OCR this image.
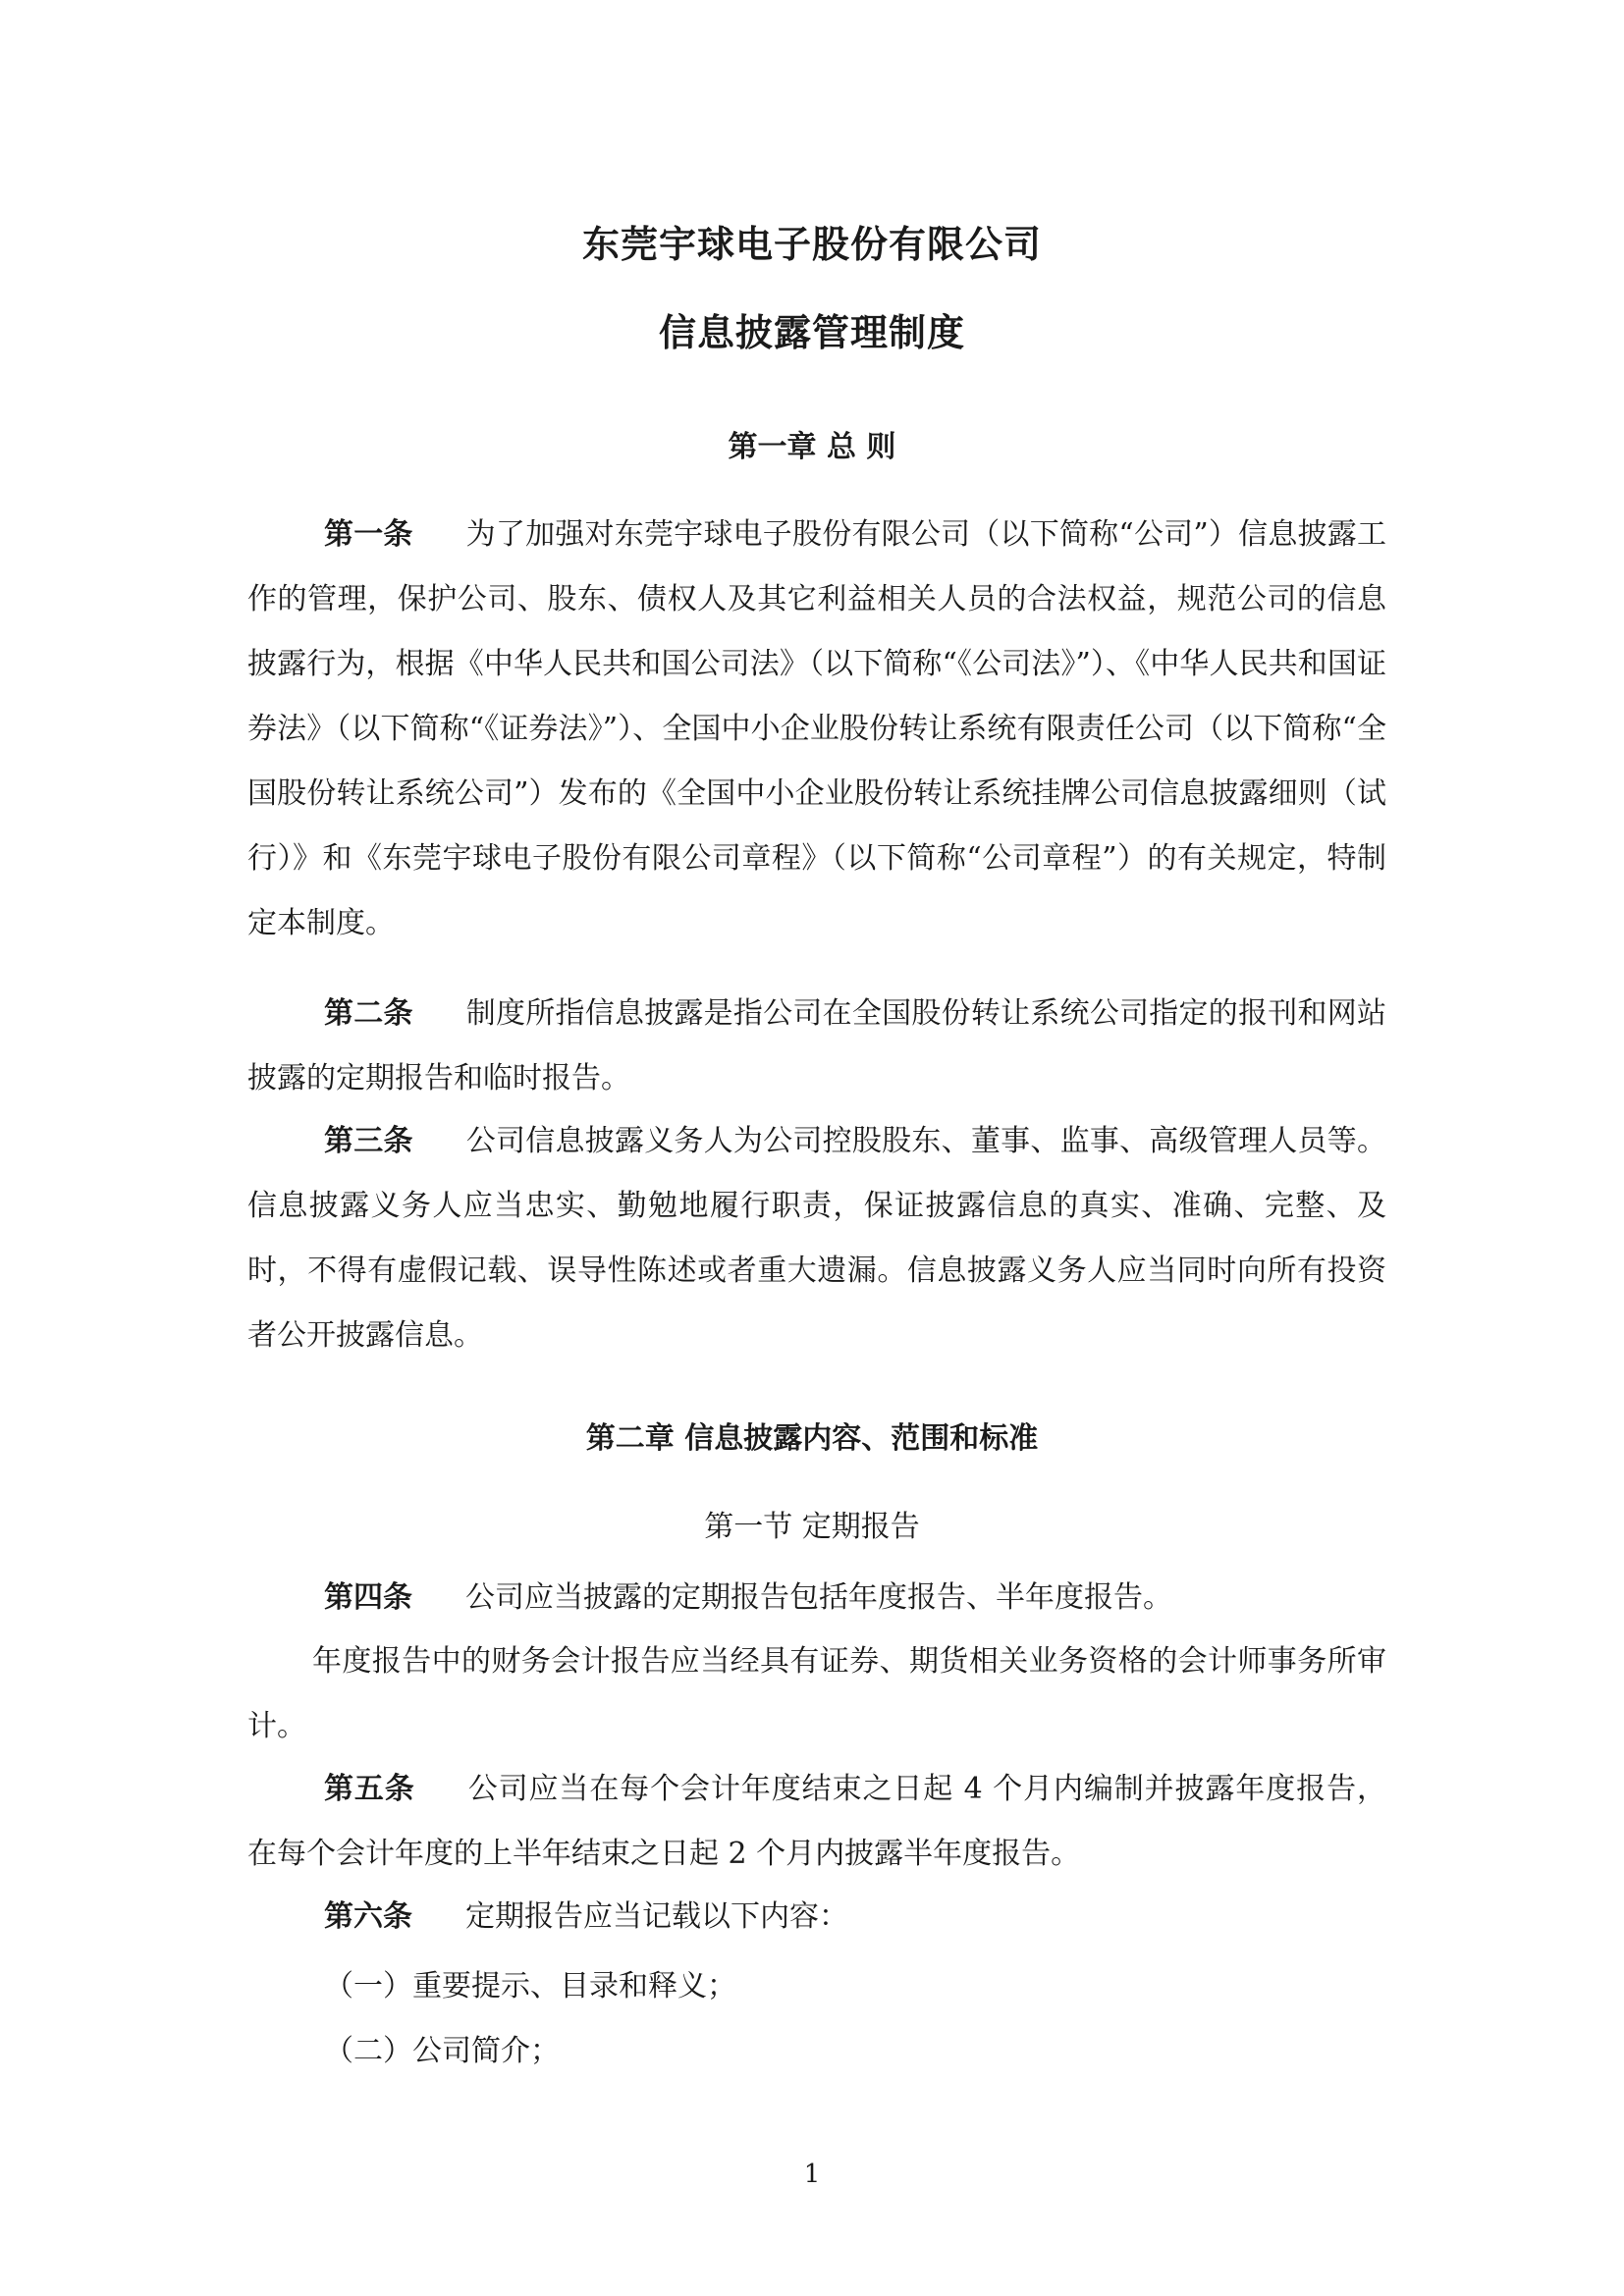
东莞宇球电子股份有限公司
信息披露管理制度
第一章 总 则
第一条 为了加强对东莞宇球电子股份有限公司（以下简称“公司”）信息披露工作的管理，保护公司、股东、债权人及其它利益相关人员的合法权益，规范公司的信息披露行为，根据《中华人民共和国公司法》（以下简称“《公司法》”）、《中华人民共和国证券法》（以下简称“《证券法》”）、全国中小企业股份转让系统有限责任公司（以下简称“全国股份转让系统公司”）发布的《全国中小企业股份转让系统挂牌公司信息披露细则（试行）》和《东莞宇球电子股份有限公司章程》（以下简称“公司章程”）的有关规定，特制定本制度。
第二条 制度所指信息披露是指公司在全国股份转让系统公司指定的报刊和网站披露的定期报告和临时报告。
第三条 公司信息披露义务人为公司控股股东、董事、监事、高级管理人员等。信息披露义务人应当忠实、勤勉地履行职责，保证披露信息的真实、准确、完整、及时，不得有虚假记载、误导性陈述或者重大遗漏。信息披露义务人应当同时向所有投资者公开披露信息。
第二章 信息披露内容、范围和标准
第一节 定期报告
第四条 公司应当披露的定期报告包括年度报告、半年度报告。
年度报告中的财务会计报告应当经具有证券、期货相关业务资格的会计师事务所审计。
第五条 公司应当在每个会计年度结束之日起 4 个月内编制并披露年度报告，在每个会计年度的上半年结束之日起 2 个月内披露半年度报告。
第六条 定期报告应当记载以下内容：
（一）重要提示、目录和释义；
（二）公司简介；
1
